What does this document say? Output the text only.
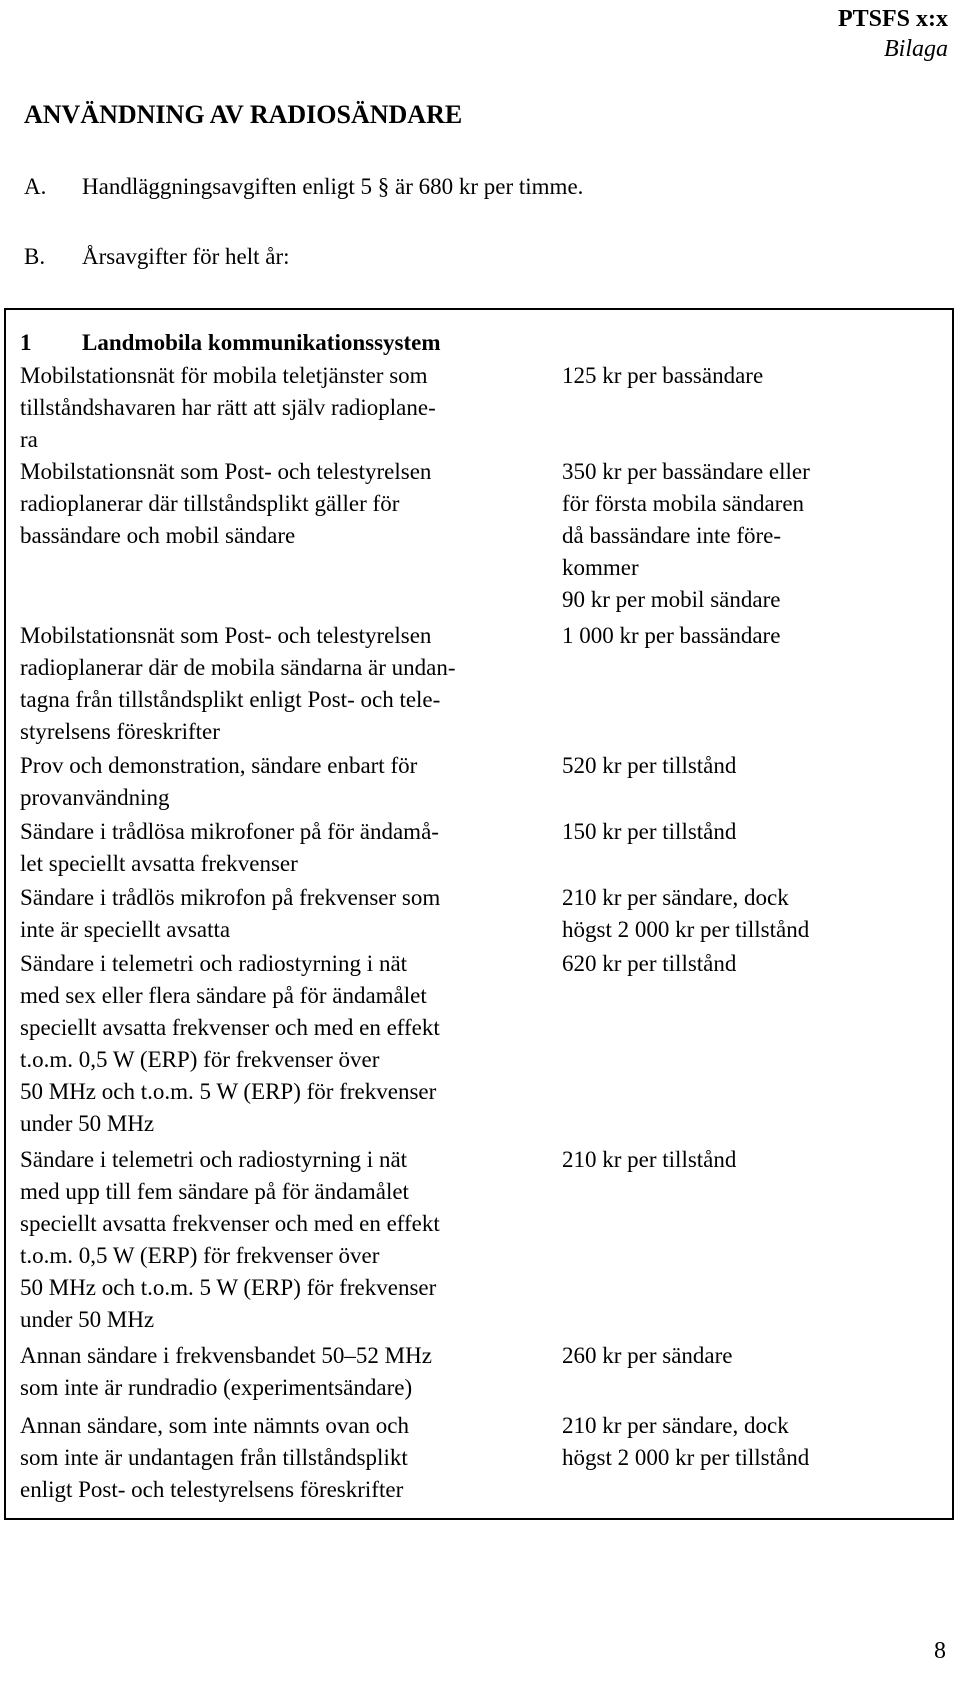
PTSFS x:x
Bilaga
ANVÄNDNING AV RADIOSÄNDARE
A. Handläggningsavgiften enligt 5 § är 680 kr per timme.
B. Årsavgifter för helt år:
1 Landmobila kommunikationssystem
Mobilstationsnät för mobila teletjänster som
tillståndshavaren har rätt att själv radioplane-
ra
125 kr per bassändare
Mobilstationsnät som Post- och telestyrelsen
radioplanerar där tillståndsplikt gäller för
bassändare och mobil sändare
350 kr per bassändare eller
för första mobila sändaren
då bassändare inte före-
kommer
90 kr per mobil sändare
Mobilstationsnät som Post- och telestyrelsen
radioplanerar där de mobila sändarna är undan-
tagna från tillståndsplikt enligt Post- och tele-
styrelsens föreskrifter
1 000 kr per bassändare
Prov och demonstration, sändare enbart för
provanvändning
520 kr per tillstånd
Sändare i trådlösa mikrofoner på för ändamå-
let speciellt avsatta frekvenser
150 kr per tillstånd
Sändare i trådlös mikrofon på frekvenser som
inte är speciellt avsatta
210 kr per sändare, dock
högst 2 000 kr per tillstånd
Sändare i telemetri och radiostyrning i nät
med sex eller flera sändare på för ändamålet
speciellt avsatta frekvenser och med en effekt
t.o.m. 0,5 W (ERP) för frekvenser över
50 MHz och t.o.m. 5 W (ERP) för frekvenser
under 50 MHz
620 kr per tillstånd
Sändare i telemetri och radiostyrning i nät
med upp till fem sändare på för ändamålet
speciellt avsatta frekvenser och med en effekt
t.o.m. 0,5 W (ERP) för frekvenser över
50 MHz och t.o.m. 5 W (ERP) för frekvenser
under 50 MHz
210 kr per tillstånd
Annan sändare i frekvensbandet 50–52 MHz
som inte är rundradio (experimentsändare)
260 kr per sändare
Annan sändare, som inte nämnts ovan och
som inte är undantagen från tillståndsplikt
enligt Post- och telestyrelsens föreskrifter
210 kr per sändare, dock
högst 2 000 kr per tillstånd
8
